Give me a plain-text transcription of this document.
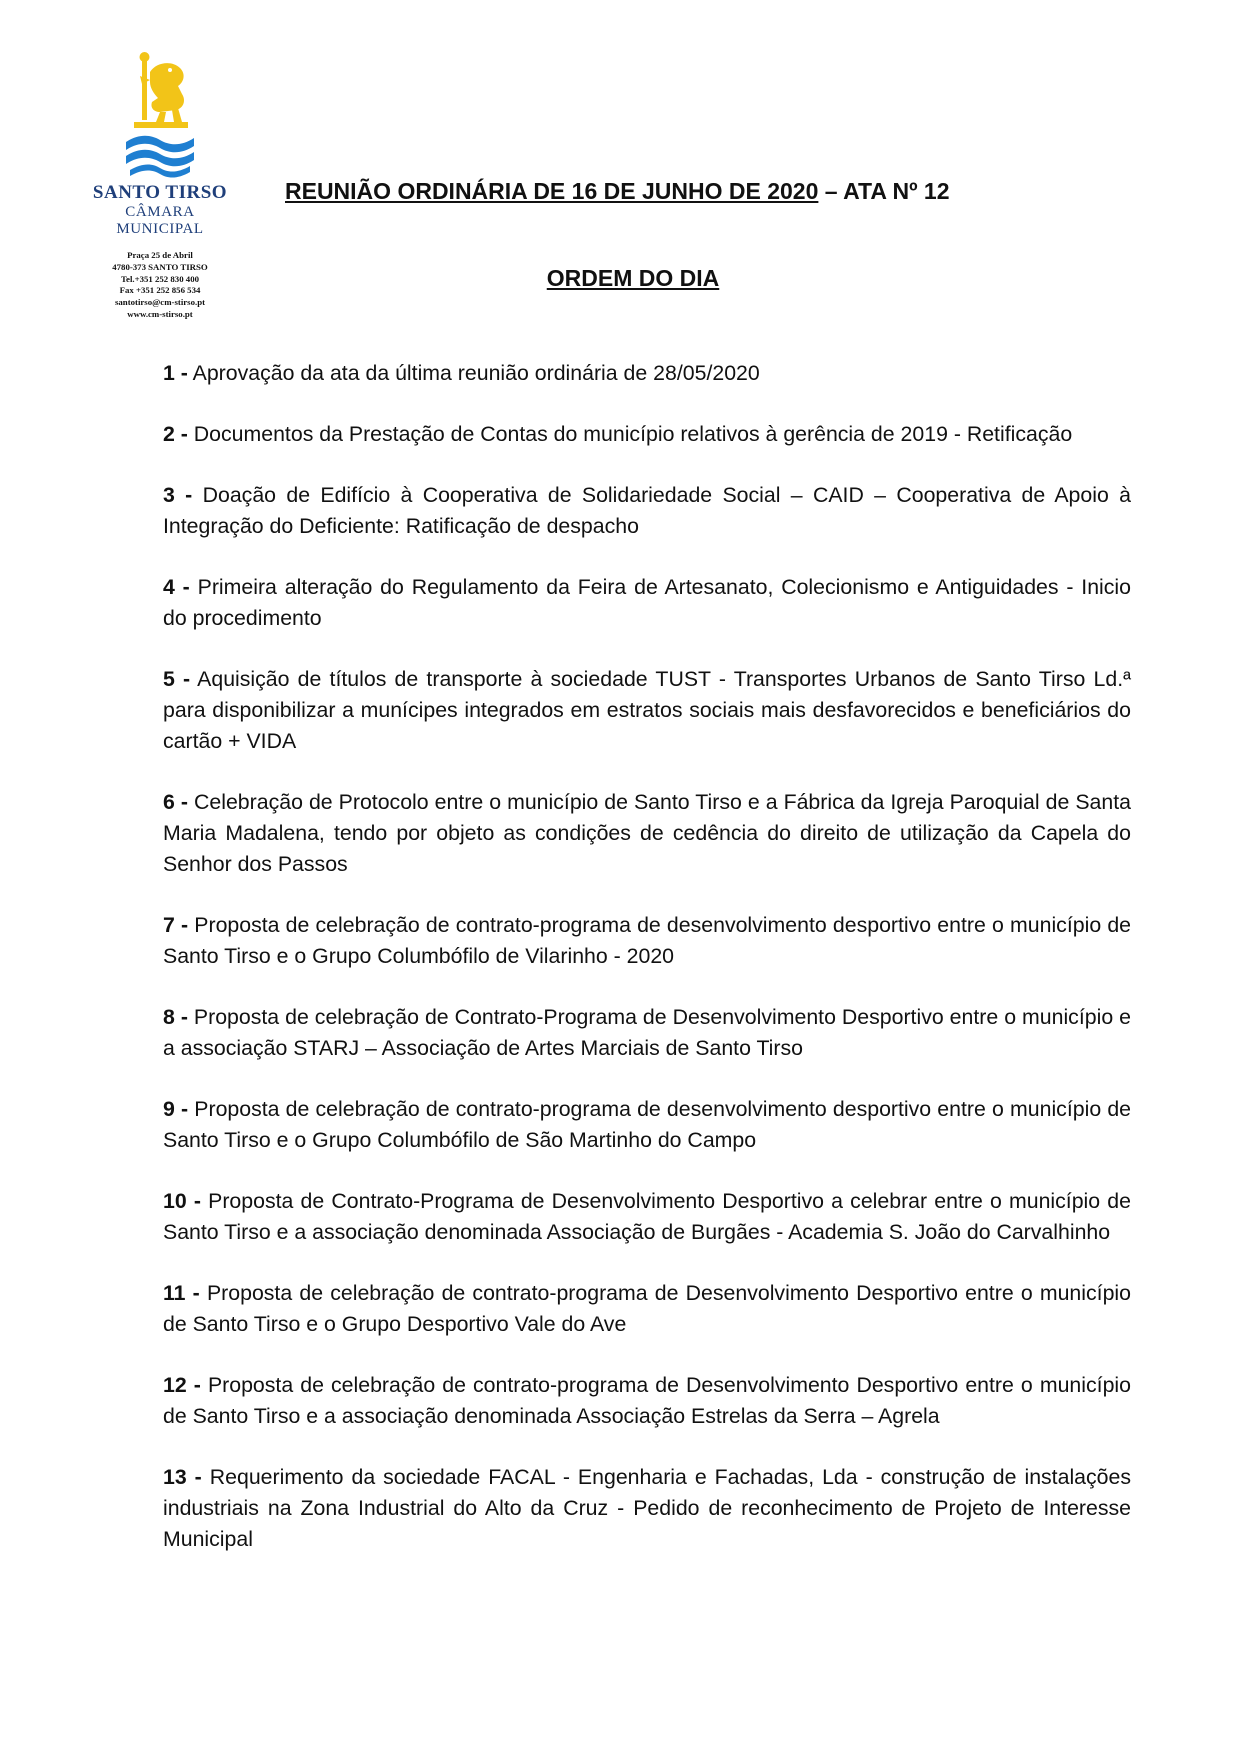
SANTO TIRSO
CÂMARA MUNICIPAL
Praça 25 de Abril
4780-373 SANTO TIRSO
Tel.+351 252 830 400
Fax +351 252 856 534
santotirso@cm-stirso.pt
www.cm-stirso.pt
REUNIÃO ORDINÁRIA DE 16 DE JUNHO DE 2020 – ATA Nº 12
ORDEM DO DIA
1 - Aprovação da ata da última reunião ordinária de 28/05/2020
2 - Documentos da Prestação de Contas do município relativos à gerência de 2019 - Retificação
3 - Doação de Edifício à Cooperativa de Solidariedade Social – CAID – Cooperativa de Apoio à Integração do Deficiente: Ratificação de despacho
4 - Primeira alteração do Regulamento da Feira de Artesanato, Colecionismo e Antiguidades - Inicio do procedimento
5 - Aquisição de títulos de transporte à sociedade TUST - Transportes Urbanos de Santo Tirso Ld.ª para disponibilizar a munícipes integrados em estratos sociais mais desfavorecidos e beneficiários do cartão + VIDA
6 - Celebração de Protocolo entre o município de Santo Tirso e a Fábrica da Igreja Paroquial de Santa Maria Madalena, tendo por objeto as condições de cedência do direito de utilização da Capela do Senhor dos Passos
7 - Proposta de celebração de contrato-programa de desenvolvimento desportivo entre o município de Santo Tirso e o Grupo Columbófilo de Vilarinho - 2020
8 - Proposta de celebração de Contrato-Programa de Desenvolvimento Desportivo entre o município e a associação STARJ – Associação de Artes Marciais de Santo Tirso
9 - Proposta de celebração de contrato-programa de desenvolvimento desportivo entre o município de Santo Tirso e o Grupo Columbófilo de São Martinho do Campo
10 - Proposta de Contrato-Programa de Desenvolvimento Desportivo a celebrar entre o município de Santo Tirso e a associação denominada Associação de Burgães - Academia S. João do Carvalhinho
11 - Proposta de celebração de contrato-programa de Desenvolvimento Desportivo entre o município de Santo Tirso e o Grupo Desportivo Vale do Ave
12 - Proposta de celebração de contrato-programa de Desenvolvimento Desportivo entre o município de Santo Tirso e a associação denominada Associação Estrelas da Serra – Agrela
13 - Requerimento da sociedade FACAL - Engenharia e Fachadas, Lda - construção de instalações industriais na Zona Industrial do Alto da Cruz - Pedido de reconhecimento de Projeto de Interesse Municipal
